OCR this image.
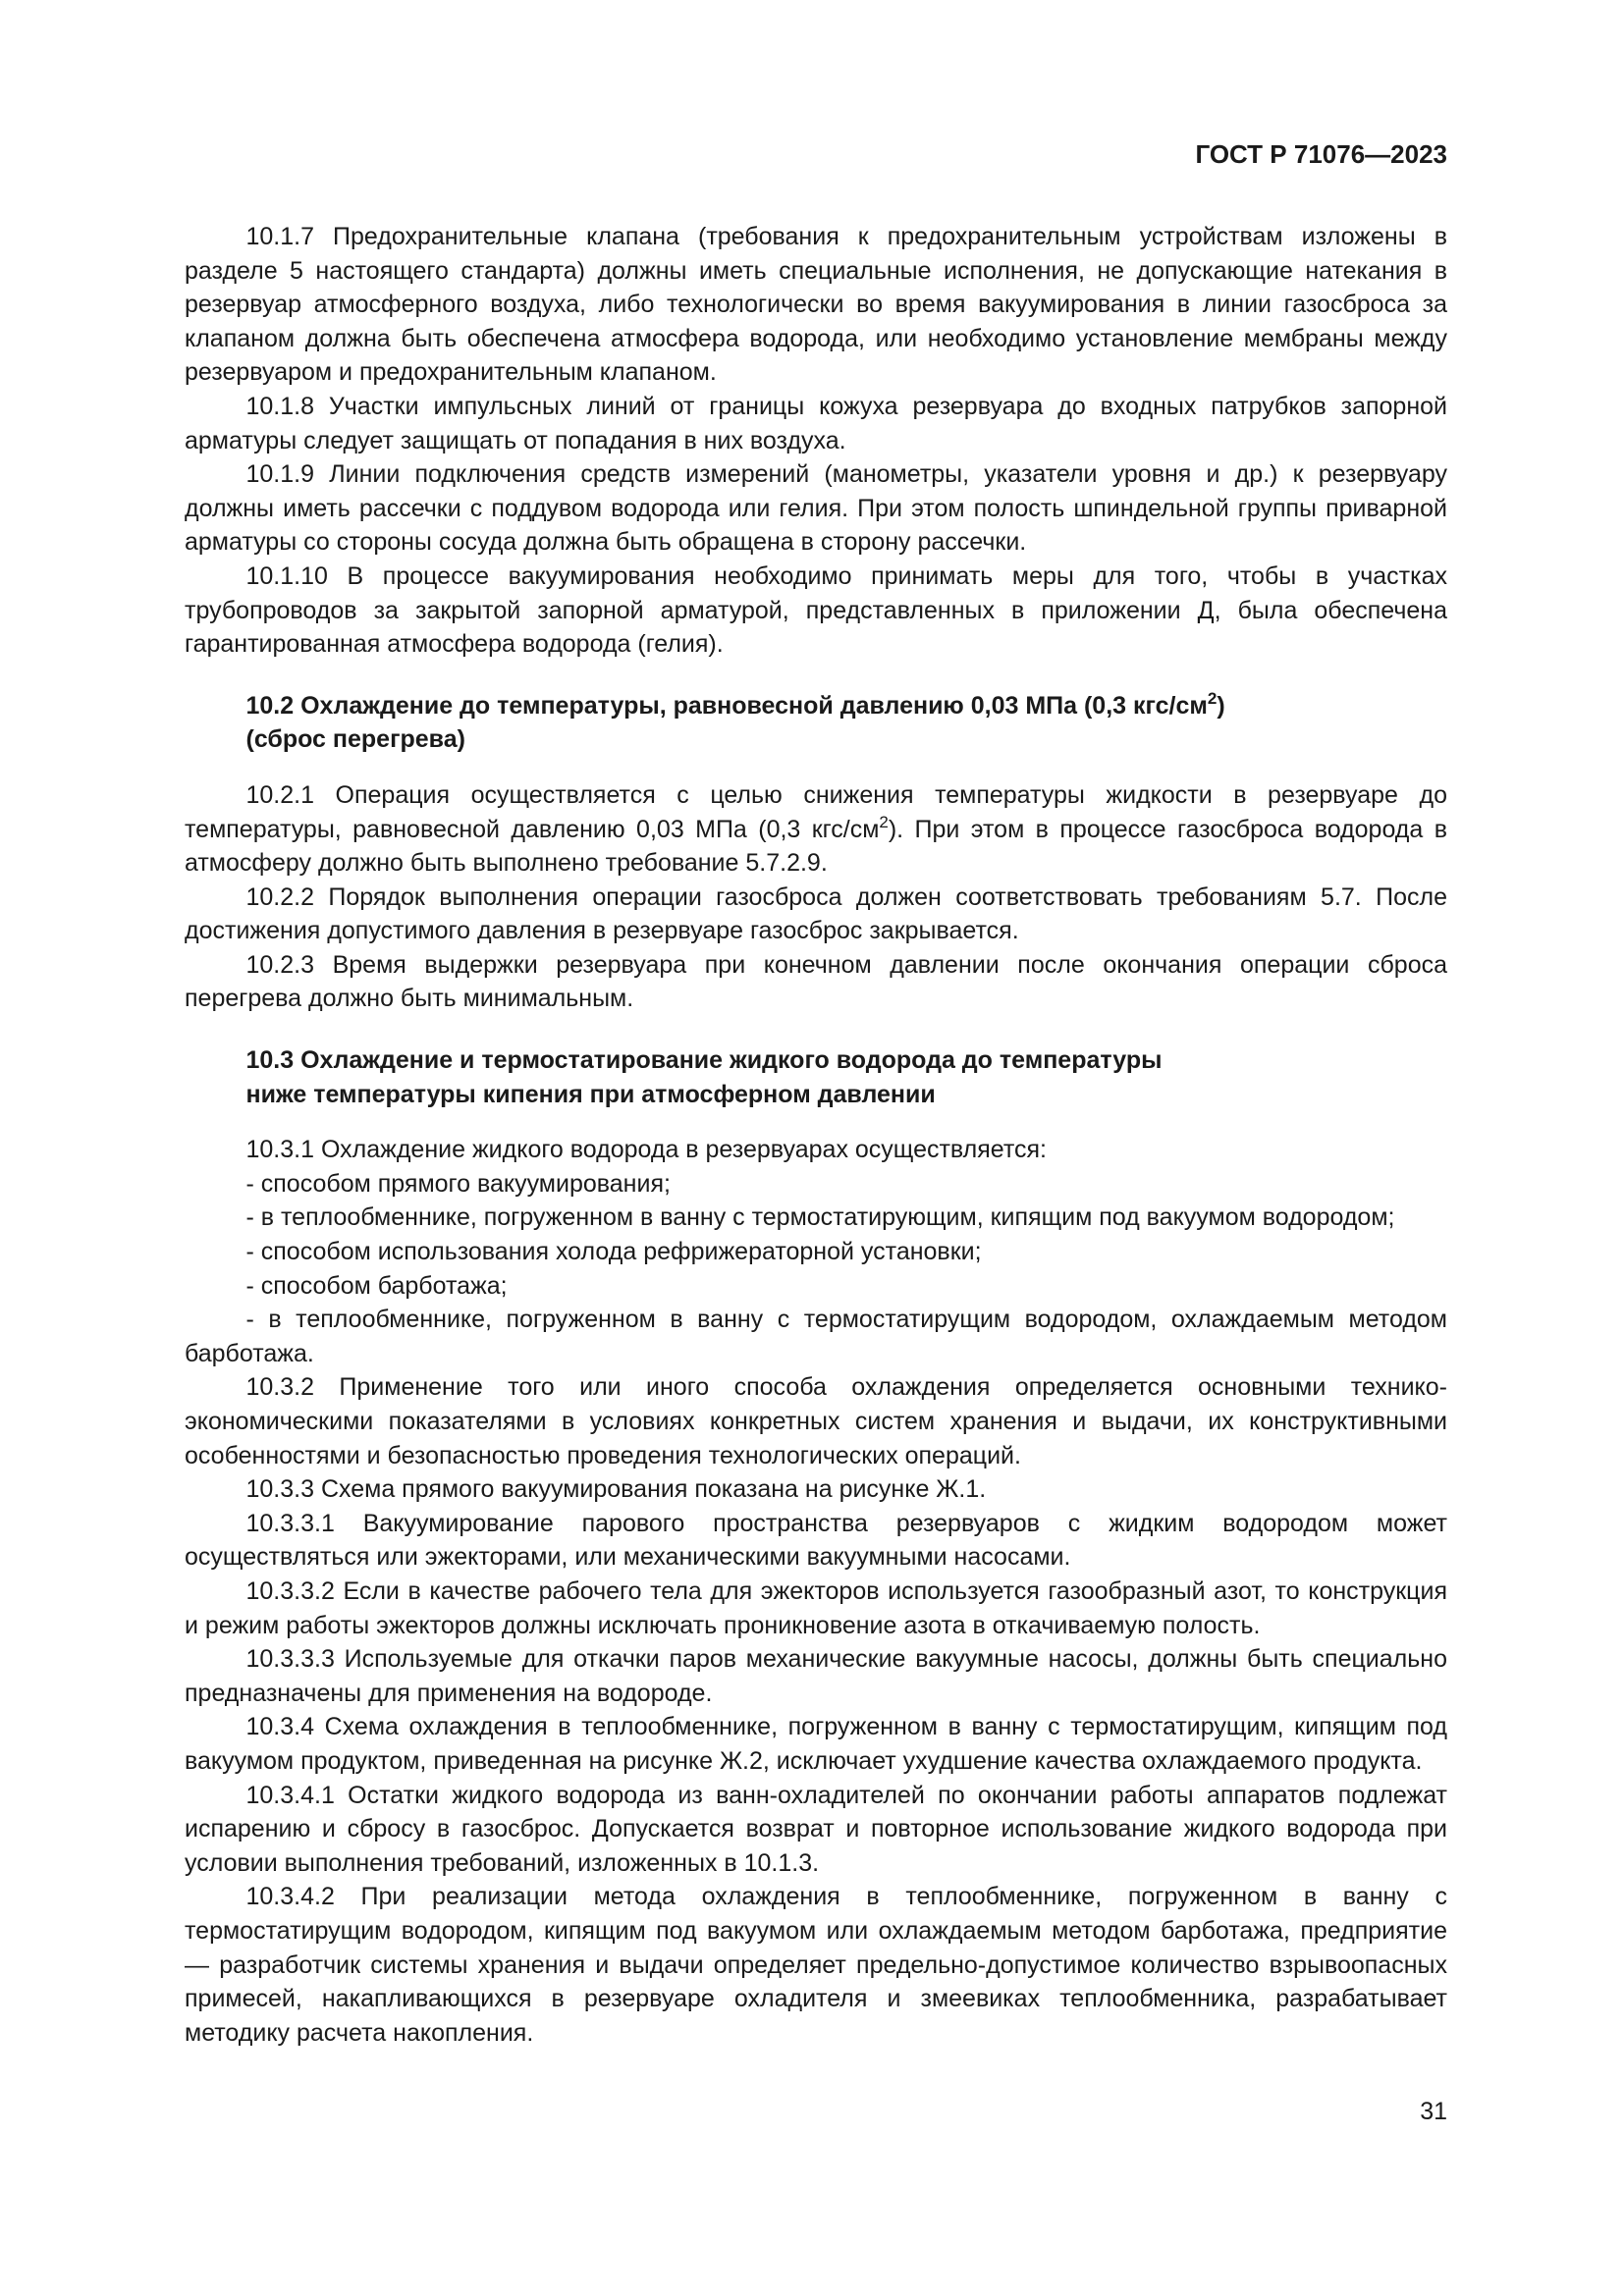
ГОСТ Р 71076—2023

10.1.7 Предохранительные клапана (требования к предохранительным устройствам изложены в разделе 5 настоящего стандарта) должны иметь специальные исполнения, не допускающие натекания в резервуар атмосферного воздуха, либо технологически во время вакуумирования в линии газосброса за клапаном должна быть обеспечена атмосфера водорода, или необходимо установление мембраны между резервуаром и предохранительным клапаном.

10.1.8 Участки импульсных линий от границы кожуха резервуара до входных патрубков запорной арматуры следует защищать от попадания в них воздуха.

10.1.9 Линии подключения средств измерений (манометры, указатели уровня и др.) к резервуару должны иметь рассечки с поддувом водорода или гелия. При этом полость шпиндельной группы приварной арматуры со стороны сосуда должна быть обращена в сторону рассечки.

10.1.10 В процессе вакуумирования необходимо принимать меры для того, чтобы в участках трубопроводов за закрытой запорной арматурой, представленных в приложении Д, была обеспечена гарантированная атмосфера водорода (гелия).

10.2 Охлаждение до температуры, равновесной давлению 0,03 МПа (0,3 кгс/$см^2$)
(сброс перегрева)

10.2.1 Операция осуществляется с целью снижения температуры жидкости в резервуаре до температуры, равновесной давлению 0,03 МПа (0,3 кгс/$см^2$). При этом в процессе газосброса водорода в атмосферу должно быть выполнено требование 5.7.2.9.

10.2.2 Порядок выполнения операции газосброса должен соответствовать требованиям 5.7. После достижения допустимого давления в резервуаре газосброс закрывается.

10.2.3 Время выдержки резервуара при конечном давлении после окончания операции сброса перегрева должно быть минимальным.

10.3 Охлаждение и термостатирование жидкого водорода до температуры
ниже температуры кипения при атмосферном давлении

10.3.1 Охлаждение жидкого водорода в резервуарах осуществляется:

- способом прямого вакуумирования;

- в теплообменнике, погруженном в ванну с термостатирующим, кипящим под вакуумом водородом;

- способом использования холода рефрижераторной установки;

- способом барботажа;

- в теплообменнике, погруженном в ванну с термостатирущим водородом, охлаждаемым методом барботажа.

10.3.2 Применение того или иного способа охлаждения определяется основными технико-экономическими показателями в условиях конкретных систем хранения и выдачи, их конструктивными особенностями и безопасностью проведения технологических операций.

10.3.3 Схема прямого вакуумирования показана на рисунке Ж.1.

10.3.3.1 Вакуумирование парового пространства резервуаров с жидким водородом может осуществляться или эжекторами, или механическими вакуумными насосами.

10.3.3.2 Если в качестве рабочего тела для эжекторов используется газообразный азот, то конструкция и режим работы эжекторов должны исключать проникновение азота в откачиваемую полость.

10.3.3.3 Используемые для откачки паров механические вакуумные насосы, должны быть специально предназначены для применения на водороде.

10.3.4 Схема охлаждения в теплообменнике, погруженном в ванну с термостатирущим, кипящим под вакуумом продуктом, приведенная на рисунке Ж.2, исключает ухудшение качества охлаждаемого продукта.

10.3.4.1 Остатки жидкого водорода из ванн-охладителей по окончании работы аппаратов подлежат испарению и сбросу в газосброс. Допускается возврат и повторное использование жидкого водорода при условии выполнения требований, изложенных в 10.1.3.

10.3.4.2 При реализации метода охлаждения в теплообменнике, погруженном в ванну с термостатирущим водородом, кипящим под вакуумом или охлаждаемым методом барботажа, предприятие — разработчик системы хранения и выдачи определяет предельно-допустимое количество взрывоопасных примесей, накапливающихся в резервуаре охладителя и змеевиках теплообменника, разрабатывает методику расчета накопления.

31
